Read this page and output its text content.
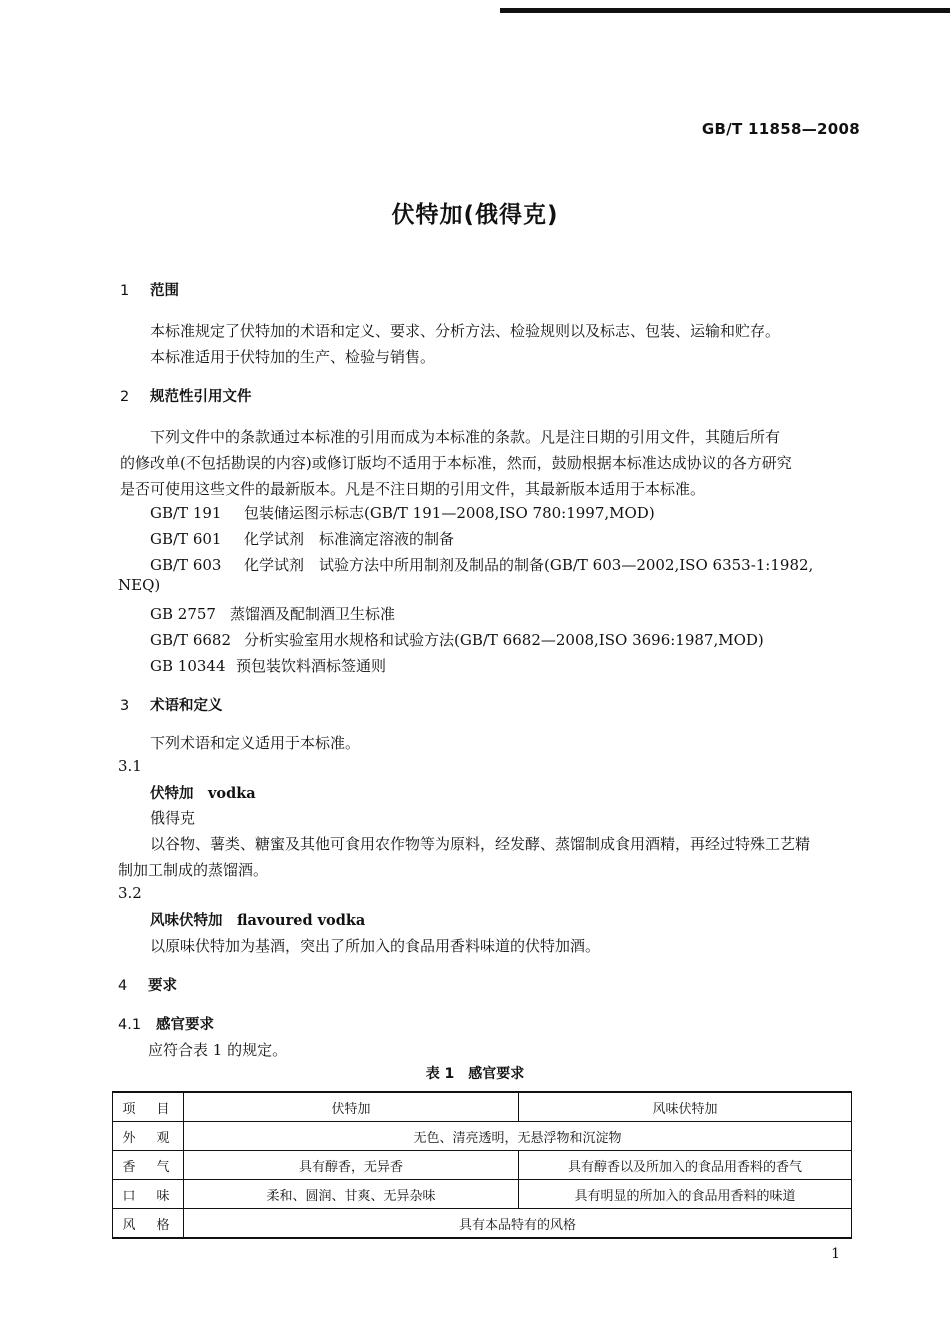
GB/T 11858—2008
伏特加(俄得克)
1 范围
本标准规定了伏特加的术语和定义、要求、分析方法、检验规则以及标志、包装、运输和贮存。
本标准适用于伏特加的生产、检验与销售。
2 规范性引用文件
下列文件中的条款通过本标准的引用而成为本标准的条款。凡是注日期的引用文件，其随后所有
的修改单(不包括勘误的内容)或修订版均不适用于本标准，然而，鼓励根据本标准达成协议的各方研究
是否可使用这些文件的最新版本。凡是不注日期的引用文件，其最新版本适用于本标准。
GB/T 191 包装储运图示标志(GB/T 191—2008,ISO 780:1997,MOD)
GB/T 601 化学试剂　标准滴定溶液的制备
GB/T 603 化学试剂　试验方法中所用制剂及制品的制备(GB/T 603—2002,ISO 6353-1:1982,
NEQ)
GB 2757 蒸馏酒及配制酒卫生标准
GB/T 6682 分析实验室用水规格和试验方法(GB/T 6682—2008,ISO 3696:1987,MOD)
GB 10344 预包装饮料酒标签通则
3 术语和定义
下列术语和定义适用于本标准。
3.1
伏特加　vodka
俄得克
以谷物、薯类、糖蜜及其他可食用农作物等为原料，经发酵、蒸馏制成食用酒精，再经过特殊工艺精
制加工制成的蒸馏酒。
3.2
风味伏特加　flavoured vodka
以原味伏特加为基酒，突出了所加入的食品用香料味道的伏特加酒。
4 要求
4.1 感官要求
应符合表 1 的规定。
表 1　感官要求
项　目	伏特加	风味伏特加
外　观	无色、清亮透明，无悬浮物和沉淀物	
香　气	具有醇香，无异香	具有醇香以及所加入的食品用香料的香气
口　味	柔和、圆润、甘爽、无异杂味	具有明显的所加入的食品用香料的味道
风　格	具有本品特有的风格	
1
